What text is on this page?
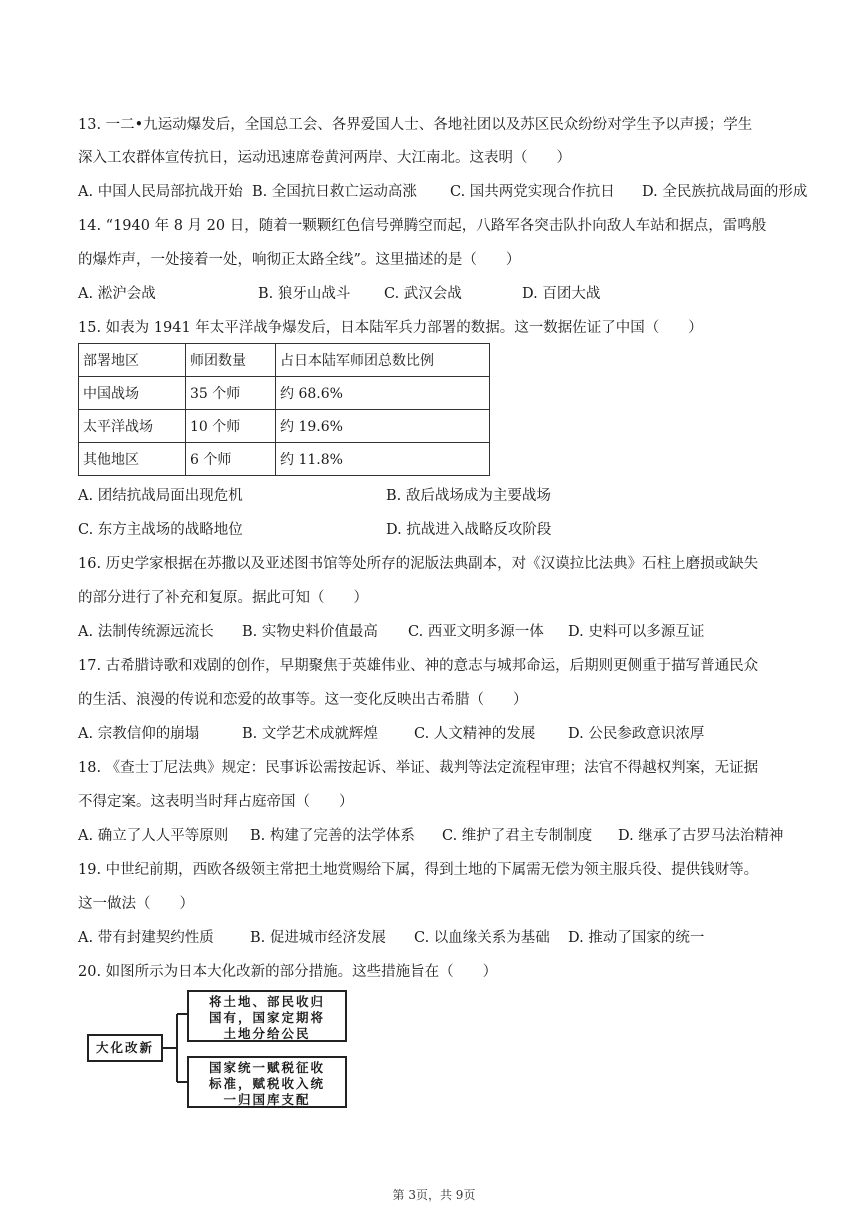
13. 一二•九运动爆发后，全国总工会、各界爱国人士、各地社团以及苏区民众纷纷对学生予以声援；学生
深入工农群体宣传抗日，运动迅速席卷黄河两岸、大江南北。这表明（　　）
A. 中国人民局部抗战开始 B. 全国抗日救亡运动高涨 C. 国共两党实现合作抗日 D. 全民族抗战局面的形成
14. “1940 年 8 月 20 日，随着一颗颗红色信号弹腾空而起，八路军各突击队扑向敌人车站和据点，雷鸣般
的爆炸声，一处接着一处，响彻正太路全线”。这里描述的是（　　）
A. 淞沪会战	B. 狼牙山战斗 C. 武汉会战	D. 百团大战
15. 如表为 1941 年太平洋战争爆发后，日本陆军兵力部署的数据。这一数据佐证了中国（　　）
部署地区	师团数量	占日本陆军师团总数比例
中国战场	35 个师	约 68.6%
太平洋战场	10 个师	约 19.6%
其他地区	6 个师	约 11.8%
A. 团结抗战局面出现危机	B. 敌后战场成为主要战场
C. 东方主战场的战略地位	D. 抗战进入战略反攻阶段
16. 历史学家根据在苏撒以及亚述图书馆等处所存的泥版法典副本，对《汉谟拉比法典》石柱上磨损或缺失
的部分进行了补充和复原。据此可知（　　）
A. 法制传统源远流长 B. 实物史料价值最高 C. 西亚文明多源一体 D. 史料可以多源互证
17. 古希腊诗歌和戏剧的创作，早期聚焦于英雄伟业、神的意志与城邦命运，后期则更侧重于描写普通民众
的生活、浪漫的传说和恋爱的故事等。这一变化反映出古希腊（　　）
A. 宗教信仰的崩塌	B. 文学艺术成就辉煌 C. 人文精神的发展 D. 公民参政意识浓厚
18. 《查士丁尼法典》规定：民事诉讼需按起诉、举证、裁判等法定流程审理；法官不得越权判案，无证据
不得定案。这表明当时拜占庭帝国（　　）
A. 确立了人人平等原则 B. 构建了完善的法学体系 C. 维护了君主专制制度 D. 继承了古罗马法治精神
19. 中世纪前期，西欧各级领主常把土地赏赐给下属，得到土地的下属需无偿为领主服兵役、提供钱财等。
这一做法（　　）
A. 带有封建契约性质	B. 促进城市经济发展 C. 以血缘关系为基础 D. 推动了国家的统一
20. 如图所示为日本大化改新的部分措施。这些措施旨在（　　）
大化改新
将土地、部民收归
国有，国家定期将
土地分给公民
国家统一赋税征收
标准，赋税收入统
一归国库支配
第 3页，共 9页
